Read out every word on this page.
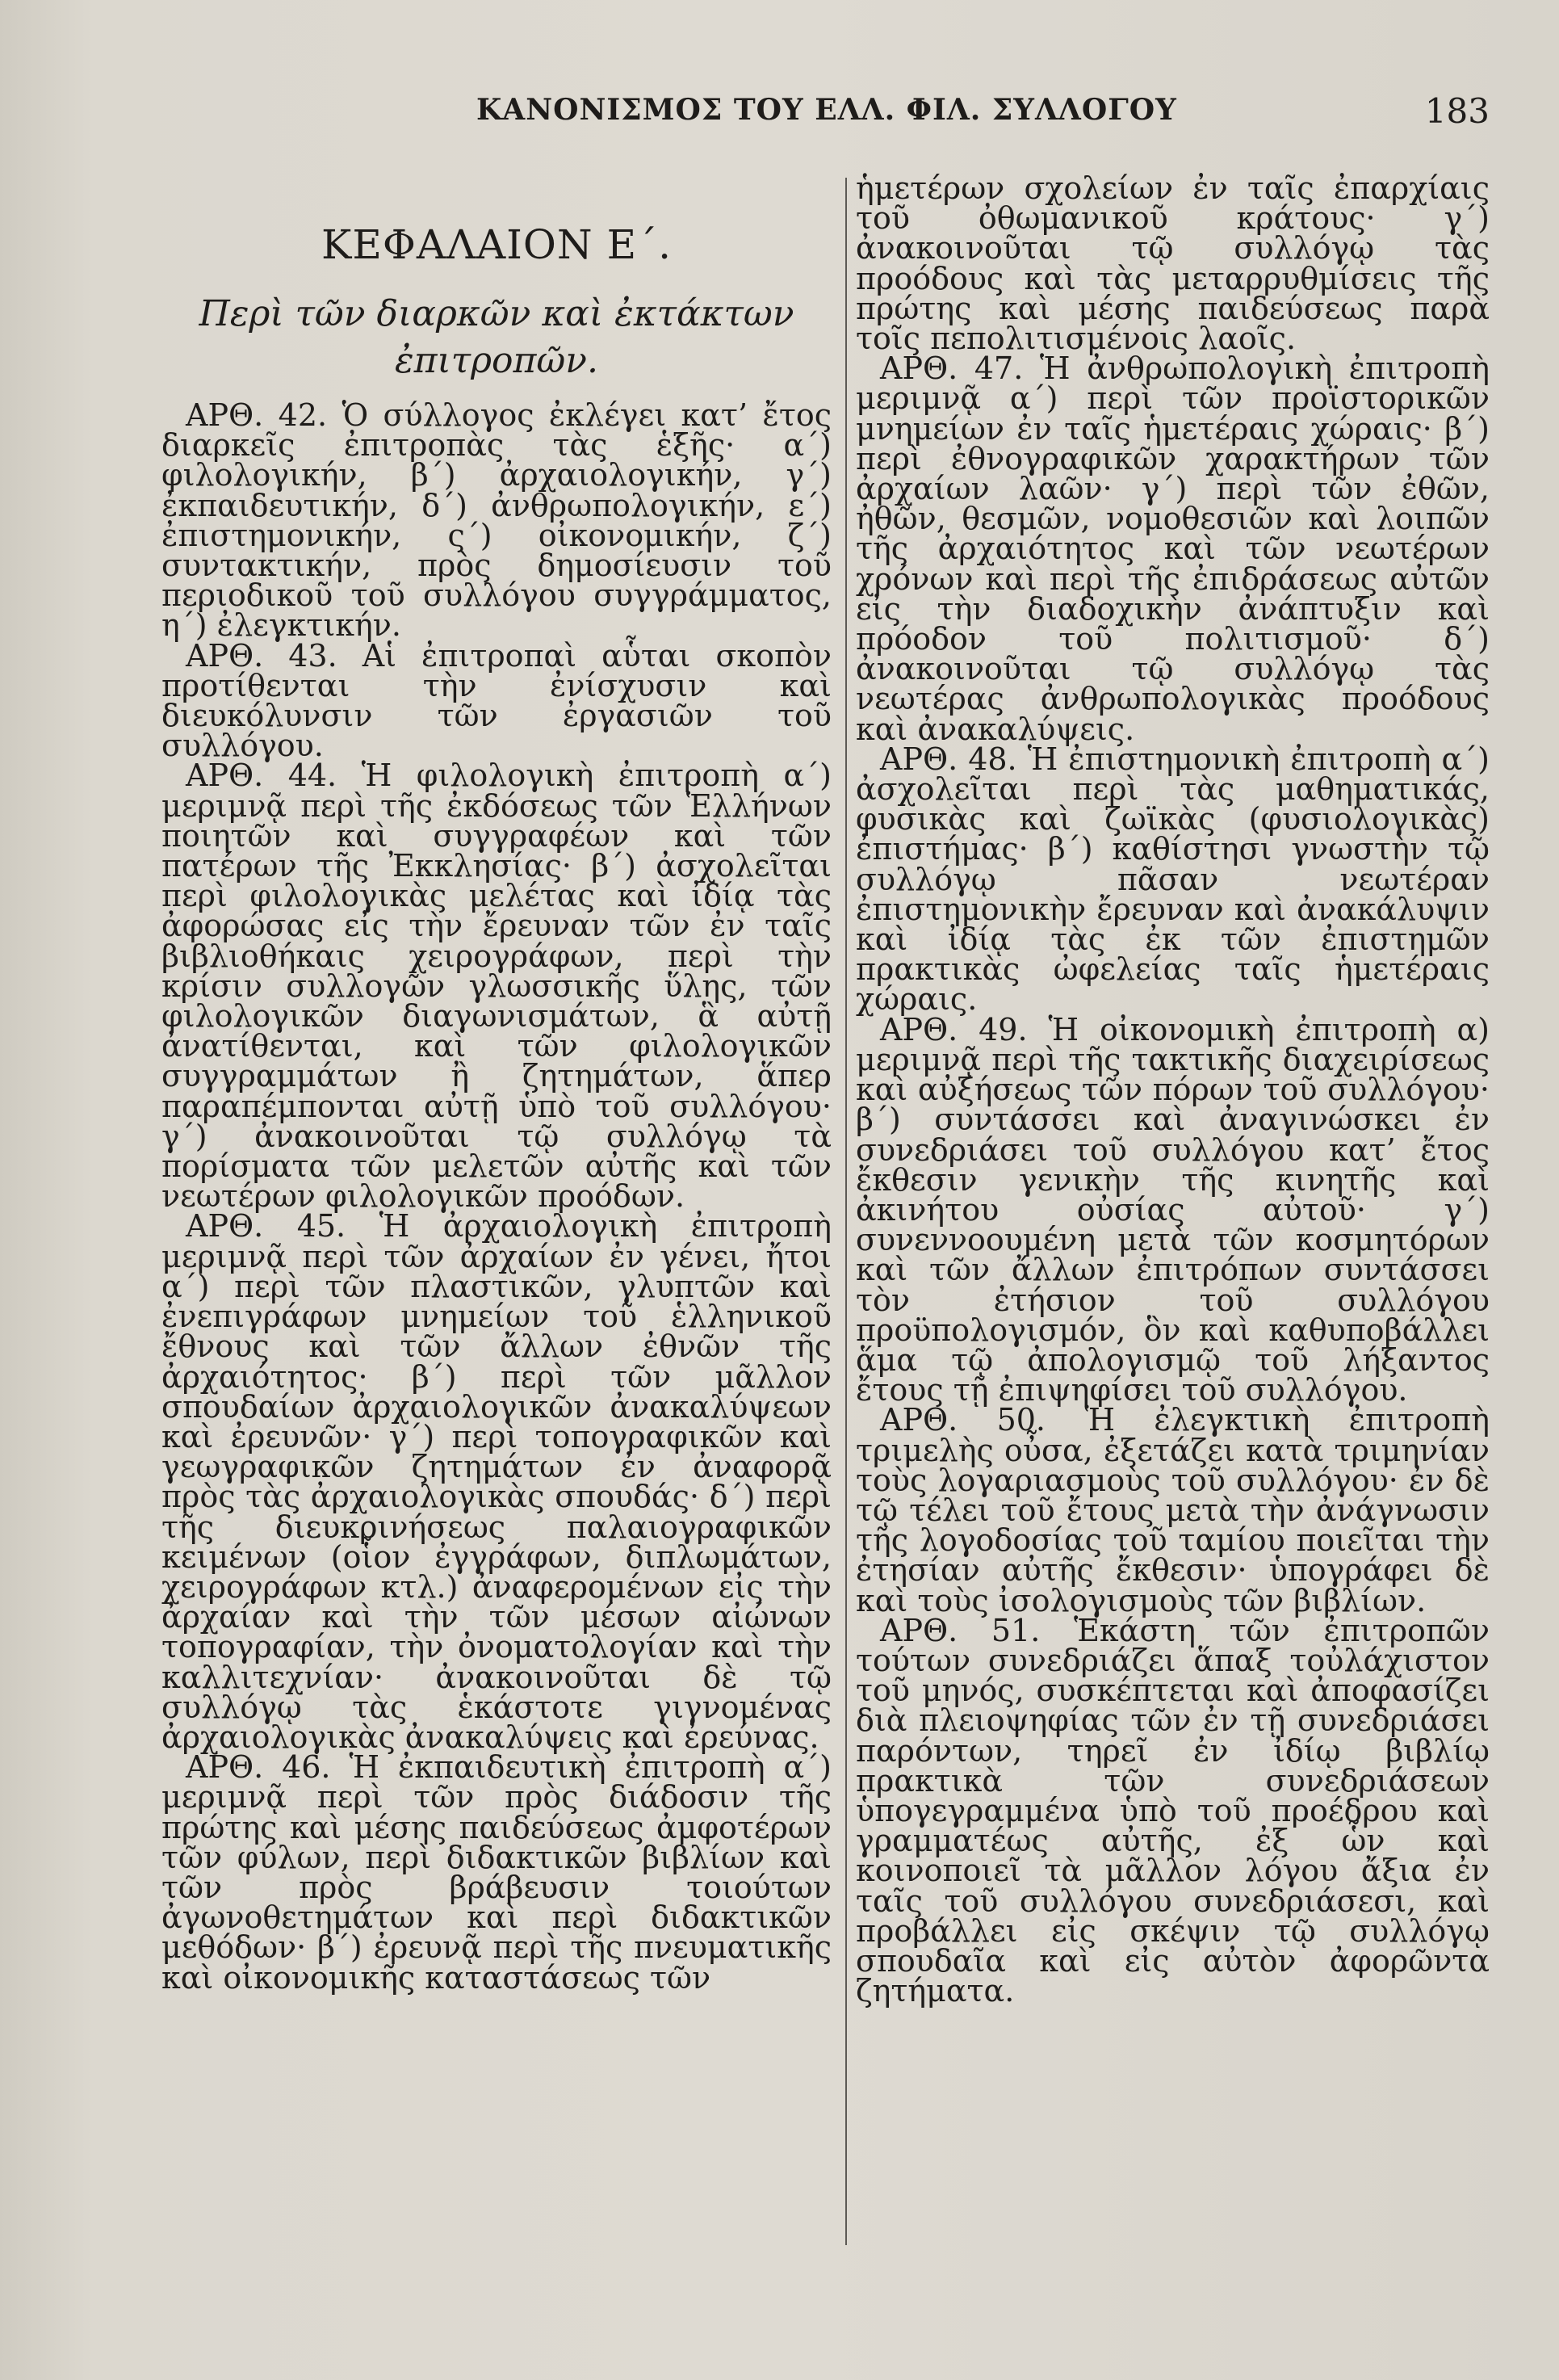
ΚΑΝΟΝΙΣΜΟΣ ΤΟΥ ΕΛΛ. ΦΙΛ. ΣΥΛΛΟΓΟΥ	183
ΚΕΦΑΛΑΙΟΝ Ε΄.
Περὶ τῶν διαρκῶν καὶ ἐκτάκτων ἐπιτροπῶν.

ΑΡΘ. 42. Ὁ σύλλογος ἐκλέγει κατ’ ἔτος διαρκεῖς ἐπιτροπὰς τὰς ἑξῆς· α΄) φιλολογικήν, β΄) ἀρχαιολογικήν, γ΄) ἐκπαιδευτικήν, δ΄) ἀνθρωπολογικήν, ε΄) ἐπιστημονικήν, ς΄) οἰκονομικήν, ζ΄) συντακτικήν, πρὸς δημοσίευσιν τοῦ περιοδικοῦ τοῦ συλλόγου συγγράμματος, η΄) ἐλεγκτικήν.

ΑΡΘ. 43. Αἱ ἐπιτροπαὶ αὗται σκοπὸν προτίθενται τὴν ἐνίσχυσιν καὶ διευκόλυνσιν τῶν ἐργασιῶν τοῦ συλλόγου.

ΑΡΘ. 44. Ἡ φιλολογικὴ ἐπιτροπὴ α΄) μεριμνᾷ περὶ τῆς ἐκδόσεως τῶν Ἑλλήνων ποιητῶν καὶ συγγραφέων καὶ τῶν πατέρων τῆς Ἐκκλησίας· β΄) ἀσχολεῖται περὶ φιλολογικὰς μελέτας καὶ ἰδίᾳ τὰς ἀφορώσας εἰς τὴν ἔρευναν τῶν ἐν ταῖς βιβλιοθήκαις χειρογράφων, περὶ τὴν κρίσιν συλλογῶν γλωσσικῆς ὕλης, τῶν φιλολογικῶν διαγωνισμάτων, ἃ αὐτῇ ἀνατίθενται, καὶ τῶν φιλολογικῶν συγγραμμάτων ἢ ζητημάτων, ἅπερ παραπέμπονται αὐτῇ ὑπὸ τοῦ συλλόγου· γ΄) ἀνακοινοῦται τῷ συλλόγῳ τὰ πορίσματα τῶν μελετῶν αὐτῆς καὶ τῶν νεωτέρων φιλολογικῶν προόδων.

ΑΡΘ. 45. Ἡ ἀρχαιολογικὴ ἐπιτροπὴ μεριμνᾷ περὶ τῶν ἀρχαίων ἐν γένει, ἤτοι α΄) περὶ τῶν πλαστικῶν, γλυπτῶν καὶ ἐνεπιγράφων μνημείων τοῦ ἑλληνικοῦ ἔθνους καὶ τῶν ἄλλων ἐθνῶν τῆς ἀρχαιότητος· β΄) περὶ τῶν μᾶλλον σπουδαίων ἀρχαιολογικῶν ἀνακαλύψεων καὶ ἐρευνῶν· γ΄) περὶ τοπογραφικῶν καὶ γεωγραφικῶν ζητημάτων ἐν ἀναφορᾷ πρὸς τὰς ἀρχαιολογικὰς σπουδάς· δ΄) περὶ τῆς διευκρινήσεως παλαιογραφικῶν κειμένων (οἷον ἐγγράφων, διπλωμάτων, χειρογράφων κτλ.) ἀναφερομένων εἰς τὴν ἀρχαίαν καὶ τὴν τῶν μέσων αἰώνων τοπογραφίαν, τὴν ὀνοματολογίαν καὶ τὴν καλλιτεχνίαν· ἀνακοινοῦται δὲ τῷ συλλόγῳ τὰς ἑκάστοτε γιγνομένας ἀρχαιολογικὰς ἀνακαλύψεις καὶ ἐρεύνας.

ΑΡΘ. 46. Ἡ ἐκπαιδευτικὴ ἐπιτροπὴ α΄) μεριμνᾷ περὶ τῶν πρὸς διάδοσιν τῆς πρώτης καὶ μέσης παιδεύσεως ἀμφοτέρων τῶν φύλων, περὶ διδακτικῶν βιβλίων καὶ τῶν πρὸς βράβευσιν τοιούτων ἀγωνοθετημάτων καὶ περὶ διδακτικῶν μεθόδων· β΄) ἐρευνᾷ περὶ τῆς πνευματικῆς καὶ οἰκονομικῆς καταστάσεως τῶν

ἡμετέρων σχολείων ἐν ταῖς ἐπαρχίαις τοῦ ὀθωμανικοῦ κράτους· γ΄) ἀνακοινοῦται τῷ συλλόγῳ τὰς προόδους καὶ τὰς μεταρρυθμίσεις τῆς πρώτης καὶ μέσης παιδεύσεως παρὰ τοῖς πεπολιτισμένοις λαοῖς.

ΑΡΘ. 47. Ἡ ἀνθρωπολογικὴ ἐπιτροπὴ μεριμνᾷ α΄) περὶ τῶν προϊστορικῶν μνημείων ἐν ταῖς ἡμετέραις χώραις· β΄) περὶ ἐθνογραφικῶν χαρακτήρων τῶν ἀρχαίων λαῶν· γ΄) περὶ τῶν ἐθῶν, ἠθῶν, θεσμῶν, νομοθεσιῶν καὶ λοιπῶν τῆς ἀρχαιότητος καὶ τῶν νεωτέρων χρόνων καὶ περὶ τῆς ἐπιδράσεως αὐτῶν εἰς τὴν διαδοχικὴν ἀνάπτυξιν καὶ πρόοδον τοῦ πολιτισμοῦ· δ΄) ἀνακοινοῦται τῷ συλλόγῳ τὰς νεωτέρας ἀνθρωπολογικὰς προόδους καὶ ἀνακαλύψεις.

ΑΡΘ. 48. Ἡ ἐπιστημονικὴ ἐπιτροπὴ α΄) ἀσχολεῖται περὶ τὰς μαθηματικάς, φυσικὰς καὶ ζωϊκὰς (φυσιολογικὰς) ἐπιστήμας· β΄) καθίστησι γνωστὴν τῷ συλλόγῳ πᾶσαν νεωτέραν ἐπιστημονικὴν ἔρευναν καὶ ἀνακάλυψιν καὶ ἰδίᾳ τὰς ἐκ τῶν ἐπιστημῶν πρακτικὰς ὠφελείας ταῖς ἡμετέραις χώραις.

ΑΡΘ. 49. Ἡ οἰκονομικὴ ἐπιτροπὴ α) μεριμνᾷ περὶ τῆς τακτικῆς διαχειρίσεως καὶ αὐξήσεως τῶν πόρων τοῦ συλλόγου· β΄) συντάσσει καὶ ἀναγινώσκει ἐν συνεδριάσει τοῦ συλλόγου κατ’ ἔτος ἔκθεσιν γενικὴν τῆς κινητῆς καὶ ἀκινήτου οὐσίας αὐτοῦ· γ΄) συνεννοουμένη μετὰ τῶν κοσμητόρων καὶ τῶν ἄλλων ἐπιτρόπων συντάσσει τὸν ἐτήσιον τοῦ συλλόγου προϋπολογισμόν, ὃν καὶ καθυποβάλλει ἅμα τῷ ἀπολογισμῷ τοῦ λήξαντος ἔτους τῇ ἐπιψηφίσει τοῦ συλλόγου.

ΑΡΘ. 50. Ἡ ἐλεγκτικὴ ἐπιτροπὴ τριμελὴς οὖσα, ἐξετάζει κατὰ τριμηνίαν τοὺς λογαριασμοὺς τοῦ συλλόγου· ἐν δὲ τῷ τέλει τοῦ ἔτους μετὰ τὴν ἀνάγνωσιν τῆς λογοδοσίας τοῦ ταμίου ποιεῖται τὴν ἐτησίαν αὐτῆς ἔκθεσιν· ὑπογράφει δὲ καὶ τοὺς ἰσολογισμοὺς τῶν βιβλίων.

ΑΡΘ. 51. Ἑκάστη τῶν ἐπιτροπῶν τούτων συνεδριάζει ἅπαξ τοὐλάχιστον τοῦ μηνός, συσκέπτεται καὶ ἀποφασίζει διὰ πλειοψηφίας τῶν ἐν τῇ συνεδριάσει παρόντων, τηρεῖ ἐν ἰδίῳ βιβλίῳ πρακτικὰ τῶν συνεδριάσεων ὑπογεγραμμένα ὑπὸ τοῦ προέδρου καὶ γραμματέως αὐτῆς, ἐξ ὧν καὶ κοινοποιεῖ τὰ μᾶλλον λόγου ἄξια ἐν ταῖς τοῦ συλλόγου συνεδριάσεσι, καὶ προβάλλει εἰς σκέψιν τῷ συλλόγῳ σπουδαῖα καὶ εἰς αὐτὸν ἀφορῶντα ζητήματα.
